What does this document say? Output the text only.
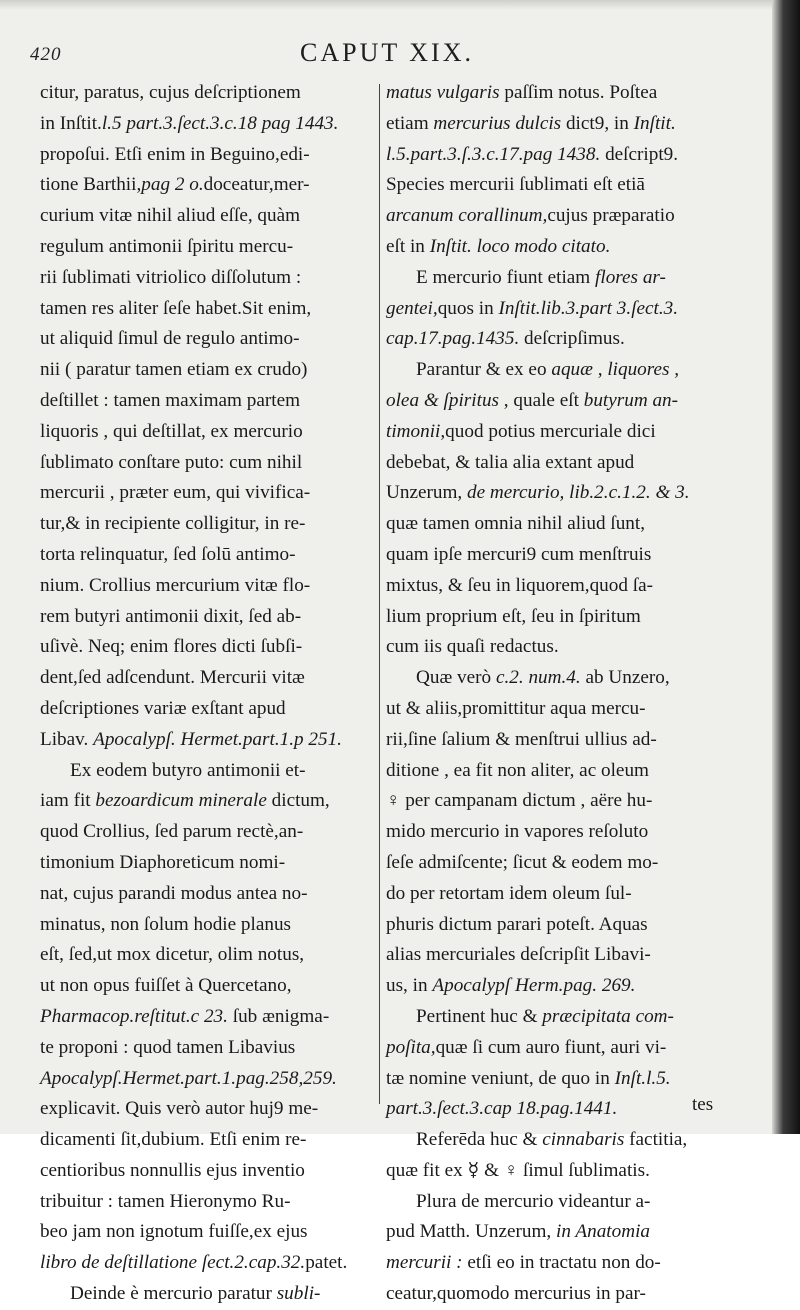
420	CAPUT XIX.
citur, paratus, cujus deſcriptionem
in Inſtit.l.5 part.3.ſect.3.c.18 pag 1443.
propoſui. Etſi enim in Beguino,edi-
tione Barthii,pag 2 o.doceatur,mer-
curium vitæ nihil aliud eſſe, quàm
regulum antimonii ſpiritu mercu-
rii ſublimati vitriolico diſſolutum :
tamen res aliter ſeſe habet.Sit enim,
ut aliquid ſimul de regulo antimo-
nii ( paratur tamen etiam ex crudo)
deſtillet : tamen maximam partem
liquoris , qui deſtillat, ex mercurio
ſublimato conſtare puto: cum nihil
mercurii , præter eum, qui vivifica-
tur,& in recipiente colligitur, in re-
torta relinquatur, ſed ſolū antimo-
nium. Crollius mercurium vitæ flo-
rem butyri antimonii dixit, ſed ab-
uſivè. Neq; enim flores dicti ſubſi-
dent,ſed adſcendunt. Mercurii vitæ
deſcriptiones variæ exſtant apud
Libav. Apocalypſ. Hermet.part.1.p 251.
Ex eodem butyro antimonii et-
iam fit bezoardicum minerale dictum,
quod Crollius, ſed parum rectè,an-
timonium Diaphoreticum nomi-
nat, cujus parandi modus antea no-
minatus, non ſolum hodie planus
eſt, ſed,ut mox dicetur, olim notus,
ut non opus fuiſſet à Quercetano,
Pharmacop.reſtitut.c 23. ſub ænigma-
te proponi : quod tamen Libavius
Apocalypſ.Hermet.part.1.pag.258,259.
explicavit. Quis verò autor huj9 me-
dicamenti ſit,dubium. Etſi enim re-
centioribus nonnullis ejus inventio
tribuitur : tamen Hieronymo Ru-
beo jam non ignotum fuiſſe,ex ejus
libro de deſtillatione ſect.2.cap.32.patet.
Deinde è mercurio paratur subli-
matus vulgaris paſſim notus. Poſtea
etiam mercurius dulcis dict9, in Inſtit.
l.5.part.3.ſ.3.c.17.pag 1438. deſcript9.
Species mercurii ſublimati eſt etiā
arcanum corallinum,cujus præparatio
eſt in Inſtit. loco modo citato.
E mercurio fiunt etiam flores ar-
gentei,quos in Inſtit.lib.3.part 3.ſect.3.
cap.17.pag.1435. deſcripſimus.
Parantur & ex eo aquæ , liquores ,
olea & ſpiritus , quale eſt butyrum an-
timonii,quod potius mercuriale dici
debebat, & talia alia extant apud
Unzerum, de mercurio, lib.2.c.1.2. & 3.
quæ tamen omnia nihil aliud ſunt,
quam ipſe mercuri9 cum menſtruis
mixtus, & ſeu in liquorem,quod ſa-
lium proprium eſt, ſeu in ſpiritum
cum iis quaſi redactus.
Quæ verò c.2. num.4. ab Unzero,
ut & aliis,promittitur aqua mercu-
rii,ſine ſalium & menſtrui ullius ad-
ditione , ea fit non aliter, ac oleum
♀ per campanam dictum , aëre hu-
mido mercurio in vapores reſoluto
ſeſe admiſcente; ſicut & eodem mo-
do per retortam idem oleum ſul-
phuris dictum parari poteſt. Aquas
alias mercuriales deſcripſit Libavi-
us, in Apocalypſ Herm.pag. 269.
Pertinent huc & præcipitata com-
poſita,quæ ſi cum auro fiunt, auri vi-
tæ nomine veniunt, de quo in Inſt.l.5.
part.3.ſect.3.cap 18.pag.1441.
Referēda huc & cinnabaris factitia,
quæ fit ex ☿ & ♀ ſimul ſublimatis.
Plura de mercurio videantur a-
pud Matth. Unzerum, in Anatomia
mercurii : etſi eo in tractatu non do-
ceatur,quomodo mercurius in par-
tes
